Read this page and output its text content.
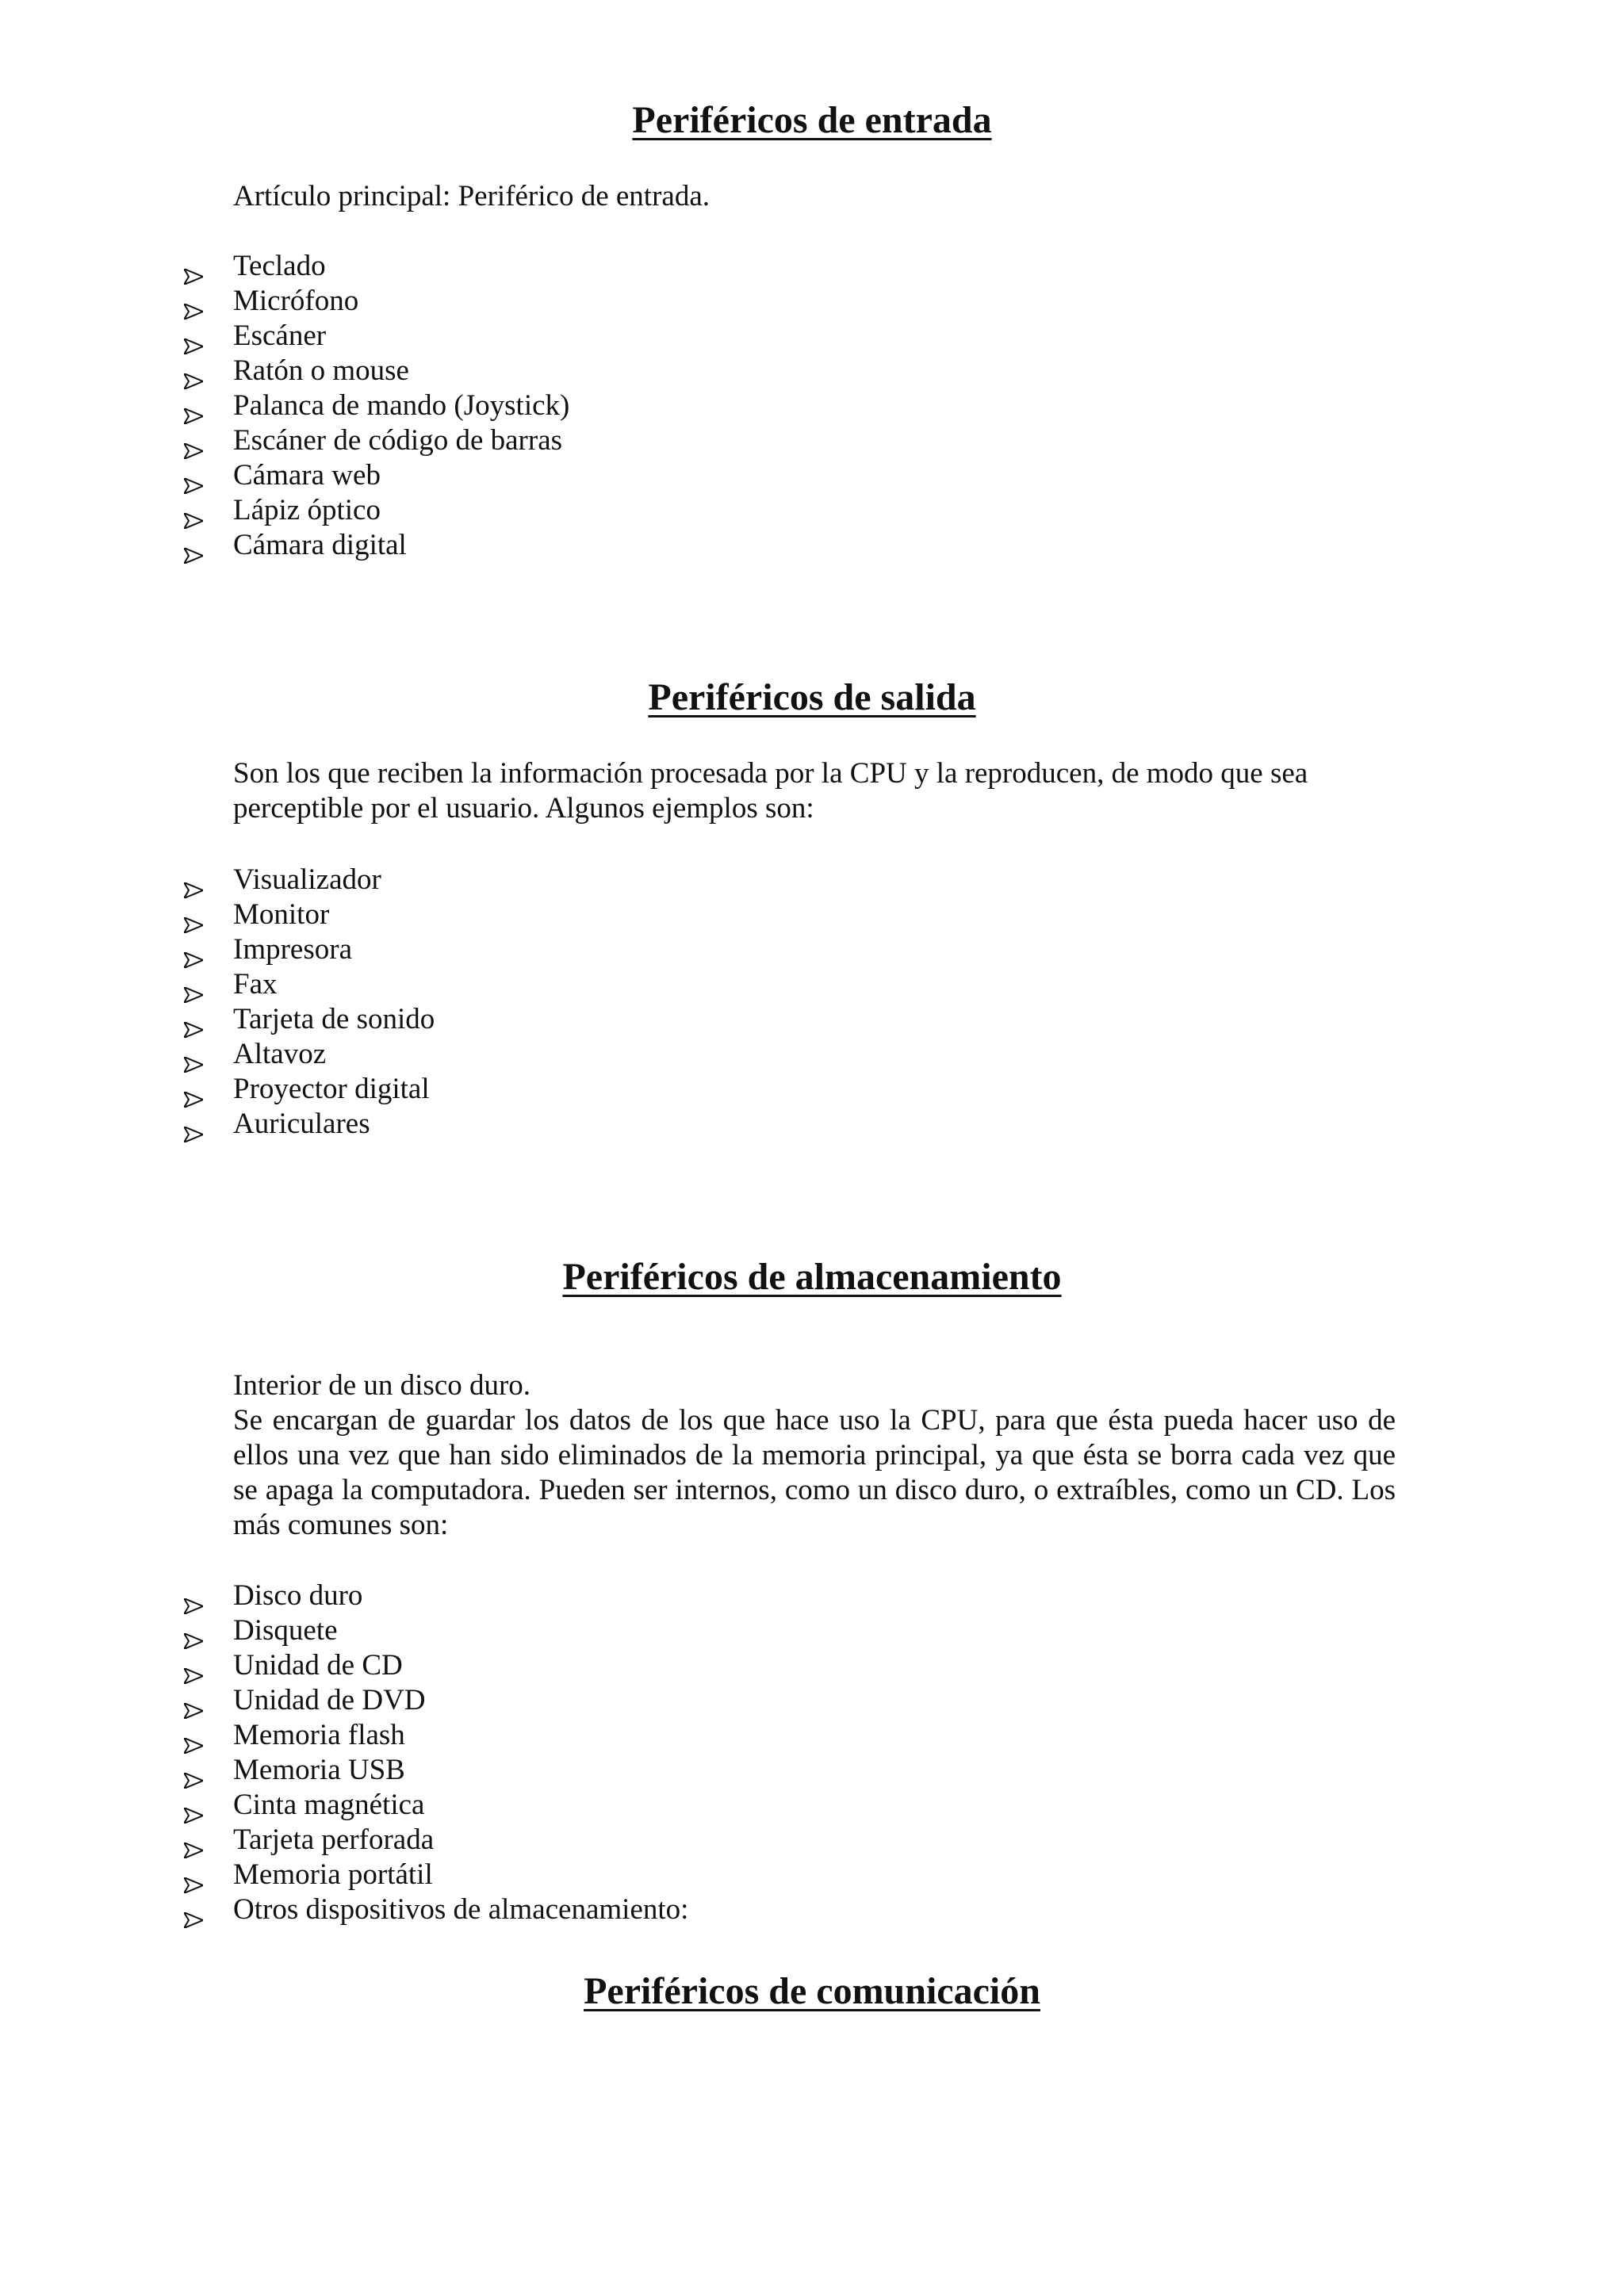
Periféricos de entrada

Artículo principal: Periférico de entrada.

Teclado
Micrófono
Escáner
Ratón o mouse
Palanca de mando (Joystick)
Escáner de código de barras
Cámara web
Lápiz óptico
Cámara digital
Periféricos de salida

Son los que reciben la información procesada por la CPU y la reproducen, de modo que sea perceptible por el usuario. Algunos ejemplos son:

Visualizador
Monitor
Impresora
Fax
Tarjeta de sonido
Altavoz
Proyector digital
Auriculares
Periféricos de almacenamiento

Interior de un disco duro.

Se encargan de guardar los datos de los que hace uso la CPU, para que ésta pueda hacer uso de ellos una vez que han sido eliminados de la memoria principal, ya que ésta se borra cada vez que se apaga la computadora. Pueden ser internos, como un disco duro, o extraíbles, como un CD. Los más comunes son:

Disco duro
Disquete
Unidad de CD
Unidad de DVD
Memoria flash
Memoria USB
Cinta magnética
Tarjeta perforada
Memoria portátil
Otros dispositivos de almacenamiento:
Periféricos de comunicación
